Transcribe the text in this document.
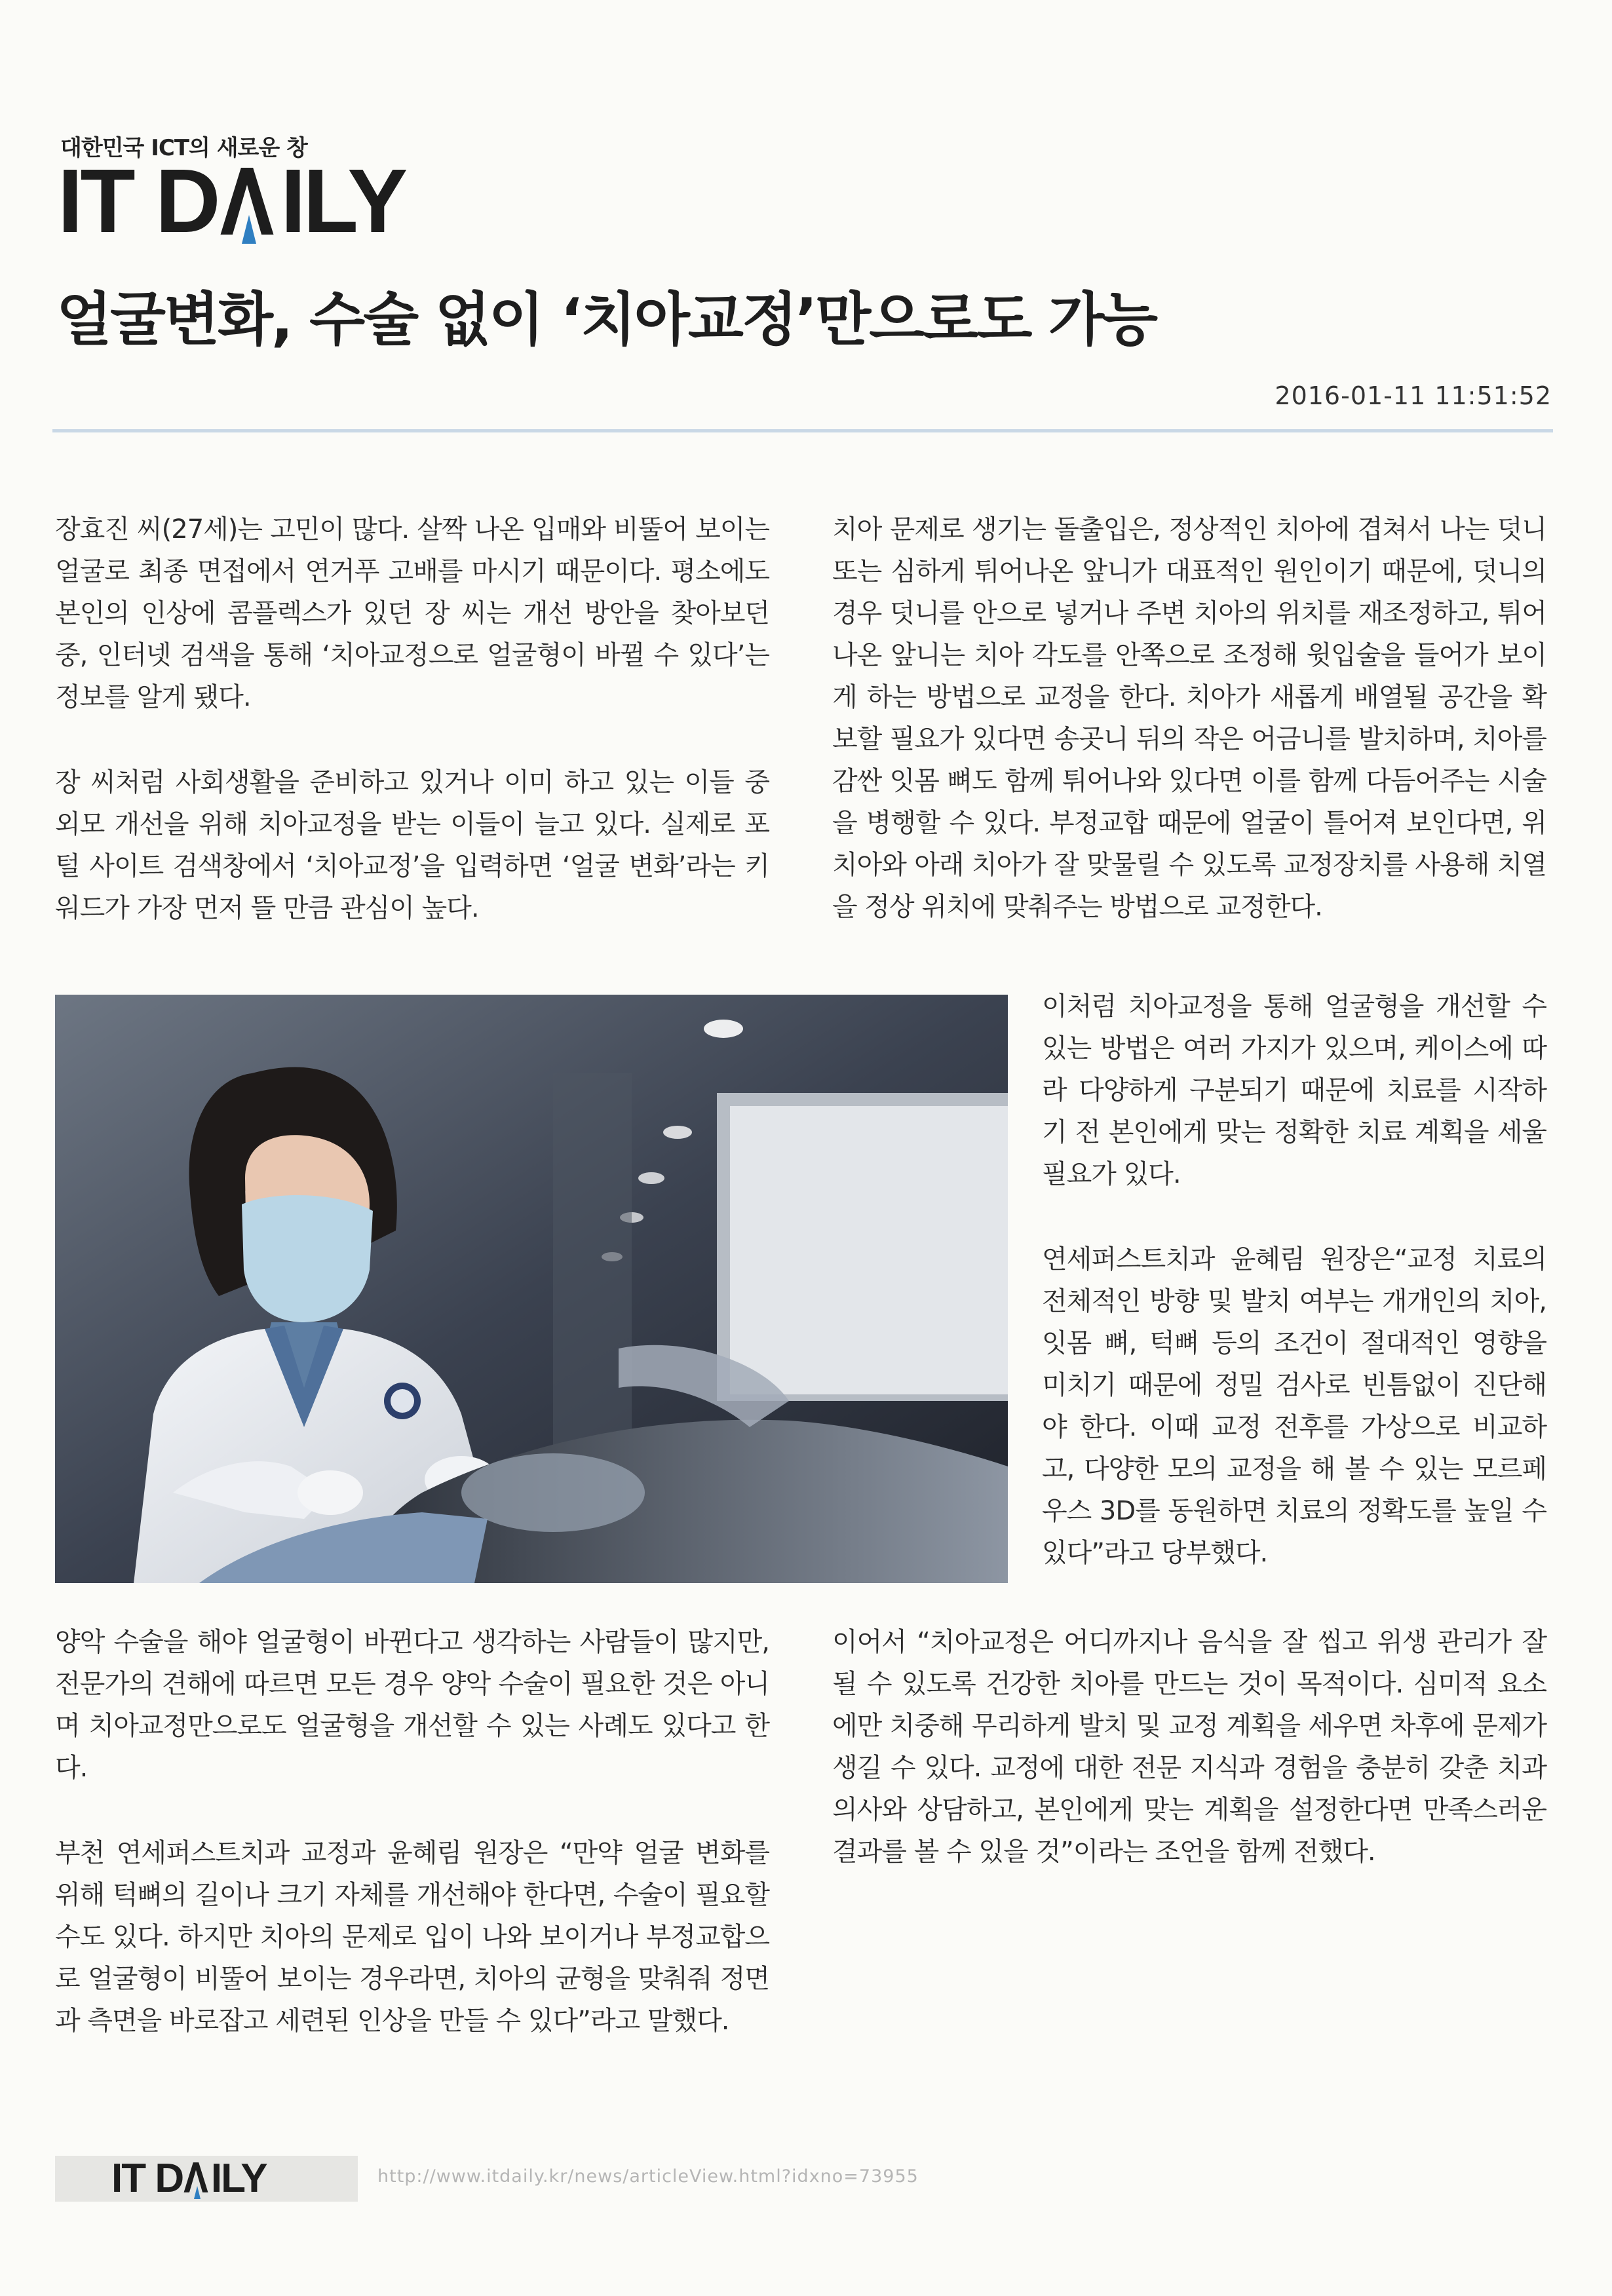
대한민국 ICT의 새로운 창
IT D ILY
얼굴변화, 수술 없이 ‘치아교정’만으로도 가능
2016-01-11 11:51:52

장효진 씨(27세)는 고민이 많다. 살짝 나온 입매와 비뚤어 보이는 얼굴로 최종 면접에서 연거푸 고배를 마시기 때문이다. 평소에도 본인의 인상에 콤플렉스가 있던 장 씨는 개선 방안을 찾아보던 중, 인터넷 검색을 통해 ‘치아교정으로 얼굴형이 바뀔 수 있다’는 정보를 알게 됐다.

장 씨처럼 사회생활을 준비하고 있거나 이미 하고 있는 이들 중 외모 개선을 위해 치아교정을 받는 이들이 늘고 있다. 실제로 포털 사이트 검색창에서 ‘치아교정’을 입력하면 ‘얼굴 변화’라는 키워드가 가장 먼저 뜰 만큼 관심이 높다.

치아 문제로 생기는 돌출입은, 정상적인 치아에 겹쳐서 나는 덧니 또는 심하게 튀어나온 앞니가 대표적인 원인이기 때문에, 덧니의 경우 덧니를 안으로 넣거나 주변 치아의 위치를 재조정하고, 튀어나온 앞니는 치아 각도를 안쪽으로 조정해 윗입술을 들어가 보이게 하는 방법으로 교정을 한다. 치아가 새롭게 배열될 공간을 확보할 필요가 있다면 송곳니 뒤의 작은 어금니를 발치하며, 치아를 감싼 잇몸 뼈도 함께 튀어나와 있다면 이를 함께 다듬어주는 시술을 병행할 수 있다. 부정교합 때문에 얼굴이 틀어져 보인다면, 위 치아와 아래 치아가 잘 맞물릴 수 있도록 교정장치를 사용해 치열을 정상 위치에 맞춰주는 방법으로 교정한다.

이처럼 치아교정을 통해 얼굴형을 개선할 수 있는 방법은 여러 가지가 있으며, 케이스에 따라 다양하게 구분되기 때문에 치료를 시작하기 전 본인에게 맞는 정확한 치료 계획을 세울 필요가 있다.

연세퍼스트치과 윤혜림 원장은“교정 치료의 전체적인 방향 및 발치 여부는 개개인의 치아, 잇몸 뼈, 턱뼈 등의 조건이 절대적인 영향을 미치기 때문에 정밀 검사로 빈틈없이 진단해야 한다. 이때 교정 전후를 가상으로 비교하고, 다양한 모의 교정을 해 볼 수 있는 모르페우스 3D를 동원하면 치료의 정확도를 높일 수 있다”라고 당부했다.

양악 수술을 해야 얼굴형이 바뀐다고 생각하는 사람들이 많지만, 전문가의 견해에 따르면 모든 경우 양악 수술이 필요한 것은 아니며 치아교정만으로도 얼굴형을 개선할 수 있는 사례도 있다고 한다.

부천 연세퍼스트치과 교정과 윤혜림 원장은 “만약 얼굴 변화를 위해 턱뼈의 길이나 크기 자체를 개선해야 한다면, 수술이 필요할 수도 있다. 하지만 치아의 문제로 입이 나와 보이거나 부정교합으로 얼굴형이 비뚤어 보이는 경우라면, 치아의 균형을 맞춰줘 정면과 측면을 바로잡고 세련된 인상을 만들 수 있다”라고 말했다.

이어서 “치아교정은 어디까지나 음식을 잘 씹고 위생 관리가 잘 될 수 있도록 건강한 치아를 만드는 것이 목적이다. 심미적 요소에만 치중해 무리하게 발치 및 교정 계획을 세우면 차후에 문제가 생길 수 있다. 교정에 대한 전문 지식과 경험을 충분히 갖춘 치과의사와 상담하고, 본인에게 맞는 계획을 설정한다면 만족스러운 결과를 볼 수 있을 것”이라는 조언을 함께 전했다.

IT D ILY	http://www.itdaily.kr/news/articleView.html?idxno=73955
